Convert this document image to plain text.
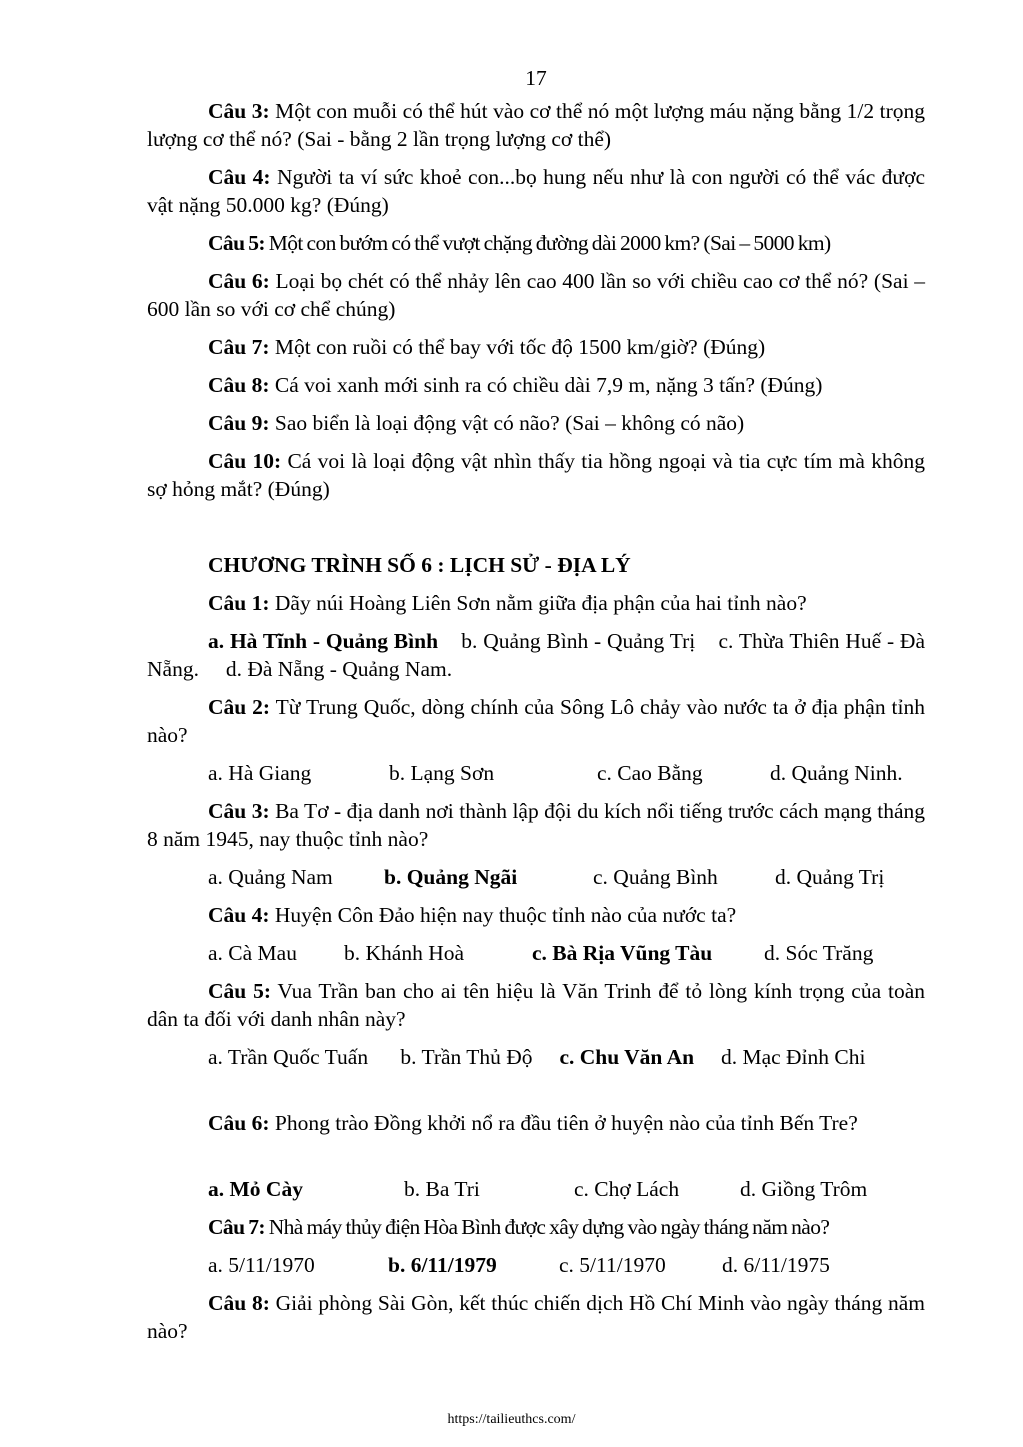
17

Câu 3: Một con muỗi có thể hút vào cơ thể nó một lượng máu nặng bằng 1/2 trọng lượng cơ thể nó? (Sai - bằng 2 lần trọng lượng cơ thể)

Câu 4: Người ta ví sức khoẻ con...bọ hung nếu như là con người có thể vác được vật nặng 50.000 kg? (Đúng)

Câu 5: Một con bướm có thể vượt chặng đường dài 2000 km? (Sai – 5000 km)

Câu 6: Loại bọ chét có thể nhảy lên cao 400 lần so với chiều cao cơ thể nó? (Sai – 600 lần so với cơ chể chúng)

Câu 7: Một con ruồi có thể bay với tốc độ 1500 km/giờ? (Đúng)

Câu 8: Cá voi xanh mới sinh ra có chiều dài 7,9 m, nặng 3 tấn? (Đúng)

Câu 9: Sao biển là loại động vật có não? (Sai – không có não)

Câu 10: Cá voi là loại động vật nhìn thấy tia hồng ngoại và tia cực tím mà không sợ hỏng mắt? (Đúng)

CHƯƠNG TRÌNH SỐ 6 : LỊCH SỬ - ĐỊA LÝ

Câu 1: Dãy núi Hoàng Liên Sơn nằm giữa địa phận của hai tỉnh nào?

a. Hà Tĩnh - Quảng Bình    b. Quảng Bình - Quảng Trị    c. Thừa Thiên Huế - Đà  Nẵng.     d. Đà Nẵng - Quảng Nam.

Câu 2: Từ Trung Quốc, dòng chính của Sông Lô chảy vào nước ta ở địa phận tỉnh nào?

a. Hà Giang	b. Lạng Sơn	c. Cao Bằng	d. Quảng Ninh.

Câu 3: Ba Tơ - địa danh nơi thành lập đội du kích nổi tiếng trước cách mạng tháng 8 năm 1945, nay thuộc tỉnh nào?

a. Quảng Nam b. Quảng Ngãi	c. Quảng Bình	d. Quảng Trị

Câu 4: Huyện Côn Đảo hiện nay thuộc tỉnh nào của nước ta?

a. Cà Mau b. Khánh Hoà	c. Bà Rịa Vũng Tàu d. Sóc Trăng

Câu 5: Vua Trần ban cho ai tên hiệu là Văn Trinh để tỏ lòng kính trọng của toàn dân ta đối với danh nhân này?

a. Trần Quốc Tuấn      b. Trần Thủ Độ     c. Chu Văn An     d. Mạc Đỉnh Chi

Câu 6: Phong trào Đồng khởi nổ ra đầu tiên ở huyện nào của tỉnh Bến Tre?

a. Mỏ Cày	b. Ba Tri	c. Chợ Lách	d. Giồng Trôm

Câu 7: Nhà máy thủy điện Hòa Bình được xây dựng vào ngày tháng năm nào?

a. 5/11/1970	b. 6/11/1979	c. 5/11/1970	d. 6/11/1975

Câu 8: Giải phòng Sài Gòn, kết thúc chiến dịch Hồ Chí Minh vào ngày tháng năm nào?

https://tailieuthcs.com/
